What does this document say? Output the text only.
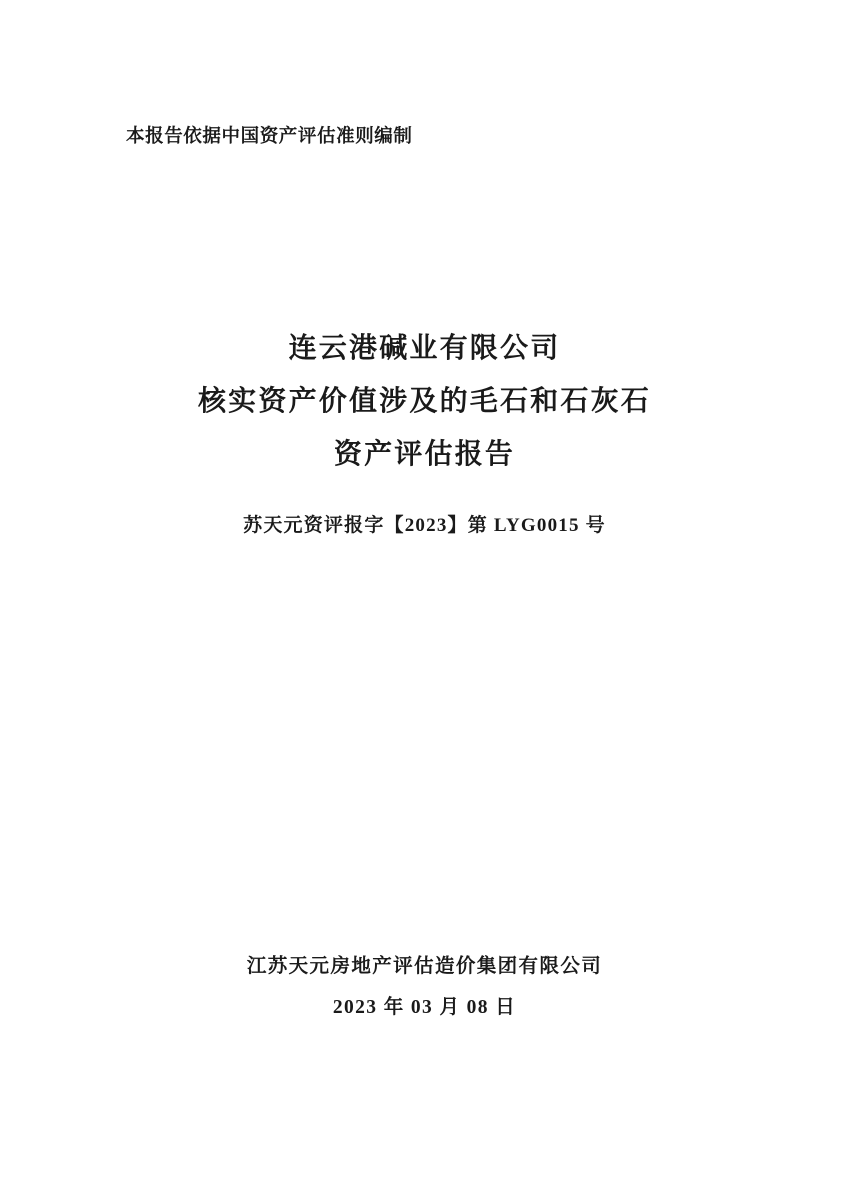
本报告依据中国资产评估准则编制
连云港碱业有限公司
核实资产价值涉及的毛石和石灰石
资产评估报告
苏天元资评报字【2023】第 LYG0015 号
江苏天元房地产评估造价集团有限公司
2023 年 03 月 08 日
